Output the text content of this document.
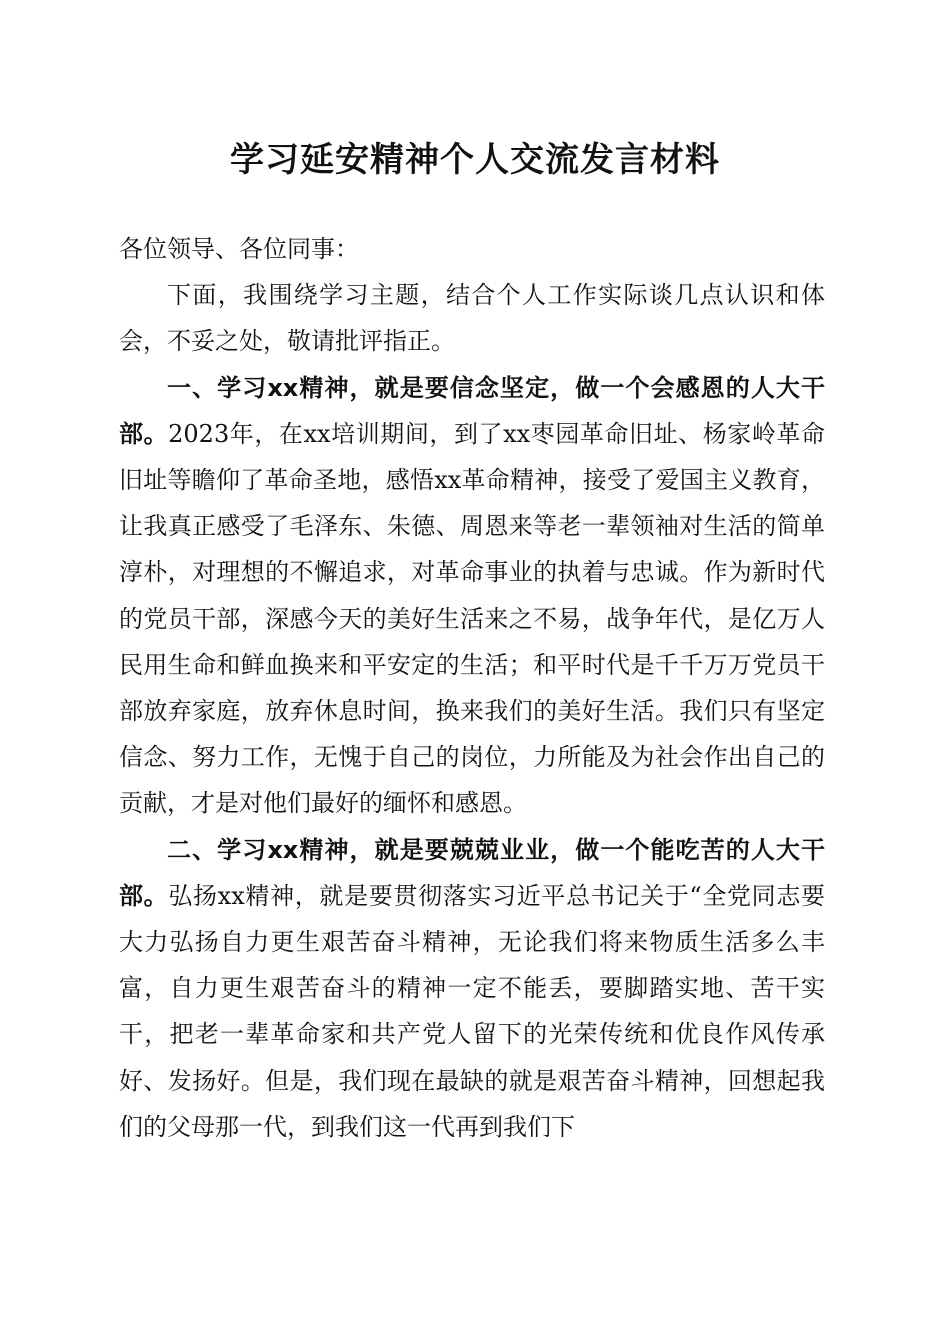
学习延安精神个人交流发言材料

各位领导、各位同事：

下面，我围绕学习主题，结合个人工作实际谈几点认识和体会，不妥之处，敬请批评指正。

一、学习xx精神，就是要信念坚定，做一个会感恩的人大干部。2023年，在xx培训期间，到了xx枣园革命旧址、杨家岭革命旧址等瞻仰了革命圣地，感悟xx革命精神，接受了爱国主义教育，让我真正感受了毛泽东、朱德、周恩来等老一辈领袖对生活的简单淳朴，对理想的不懈追求，对革命事业的执着与忠诚。作为新时代的党员干部，深感今天的美好生活来之不易，战争年代，是亿万人民用生命和鲜血换来和平安定的生活；和平时代是千千万万党员干部放弃家庭，放弃休息时间，换来我们的美好生活。我们只有坚定信念、努力工作，无愧于自己的岗位，力所能及为社会作出自己的贡献，才是对他们最好的缅怀和感恩。

二、学习xx精神，就是要兢兢业业，做一个能吃苦的人大干部。弘扬xx精神，就是要贯彻落实习近平总书记关于“全党同志要大力弘扬自力更生艰苦奋斗精神，无论我们将来物质生活多么丰富，自力更生艰苦奋斗的精神一定不能丢，要脚踏实地、苦干实干，把老一辈革命家和共产党人留下的光荣传统和优良作风传承好、发扬好。但是，我们现在最缺的就是艰苦奋斗精神，回想起我们的父母那一代，到我们这一代再到我们下
